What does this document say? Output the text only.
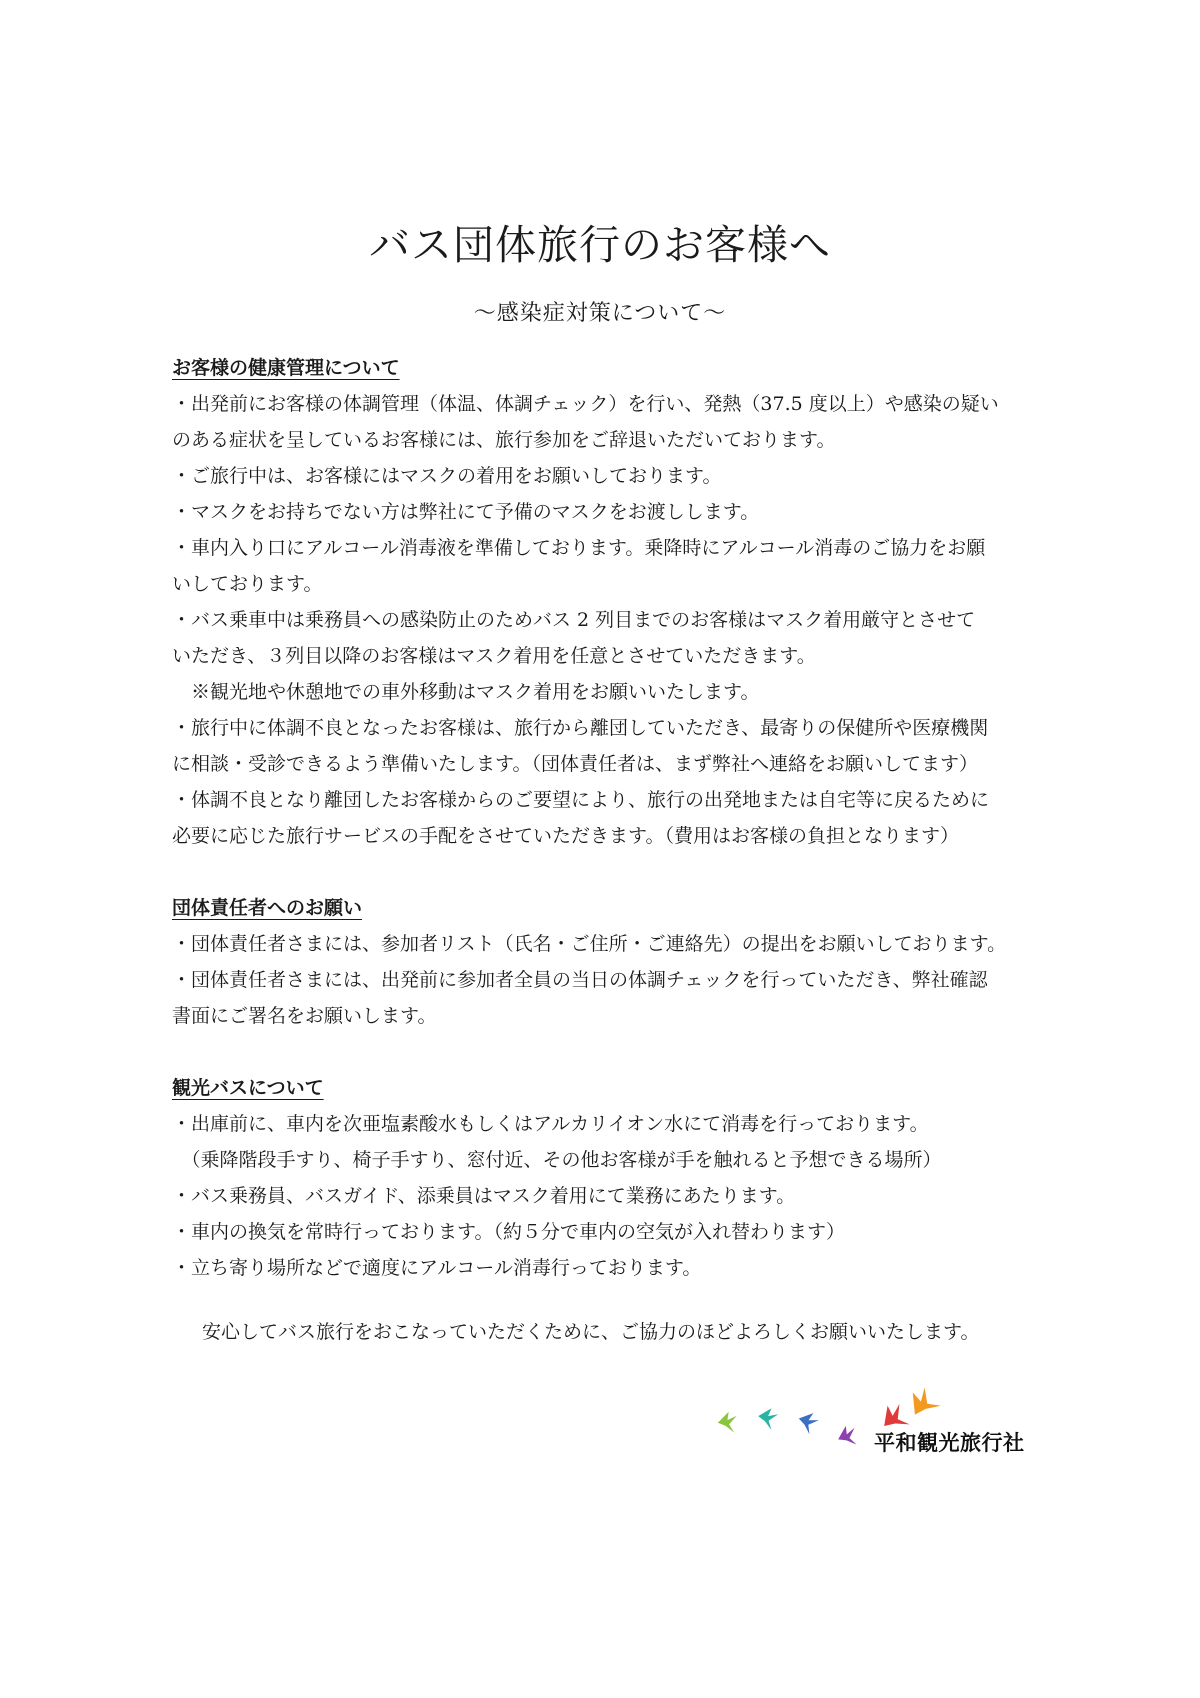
バス団体旅行のお客様へ
〜感染症対策について〜
お客様の健康管理について
・出発前にお客様の体調管理（体温、体調チェック）を行い、発熱（37.5 度以上）や感染の疑い
のある症状を呈しているお客様には、旅行参加をご辞退いただいております。
・ご旅行中は、お客様にはマスクの着用をお願いしております。
・マスクをお持ちでない方は弊社にて予備のマスクをお渡しします。
・車内入り口にアルコール消毒液を準備しております。乗降時にアルコール消毒のご協力をお願
いしております。
・バス乗車中は乗務員への感染防止のためバス 2 列目までのお客様はマスク着用厳守とさせて
いただき、３列目以降のお客様はマスク着用を任意とさせていただきます。
　※観光地や休憩地での車外移動はマスク着用をお願いいたします。
・旅行中に体調不良となったお客様は、旅行から離団していただき、最寄りの保健所や医療機関
に相談・受診できるよう準備いたします。（団体責任者は、まず弊社へ連絡をお願いしてます）
・体調不良となり離団したお客様からのご要望により、旅行の出発地または自宅等に戻るために
必要に応じた旅行サービスの手配をさせていただきます。（費用はお客様の負担となります）
団体責任者へのお願い
・団体責任者さまには、参加者リスト（氏名・ご住所・ご連絡先）の提出をお願いしております。
・団体責任者さまには、出発前に参加者全員の当日の体調チェックを行っていただき、弊社確認
書面にご署名をお願いします。
観光バスについて
・出庫前に、車内を次亜塩素酸水もしくはアルカリイオン水にて消毒を行っております。
　（乗降階段手すり、椅子手すり、窓付近、その他お客様が手を触れると予想できる場所）
・バス乗務員、バスガイド、添乗員はマスク着用にて業務にあたります。
・車内の換気を常時行っております。（約５分で車内の空気が入れ替わります）
・立ち寄り場所などで適度にアルコール消毒行っております。
安心してバス旅行をおこなっていただくために、ご協力のほどよろしくお願いいたします。
平和観光旅行社
